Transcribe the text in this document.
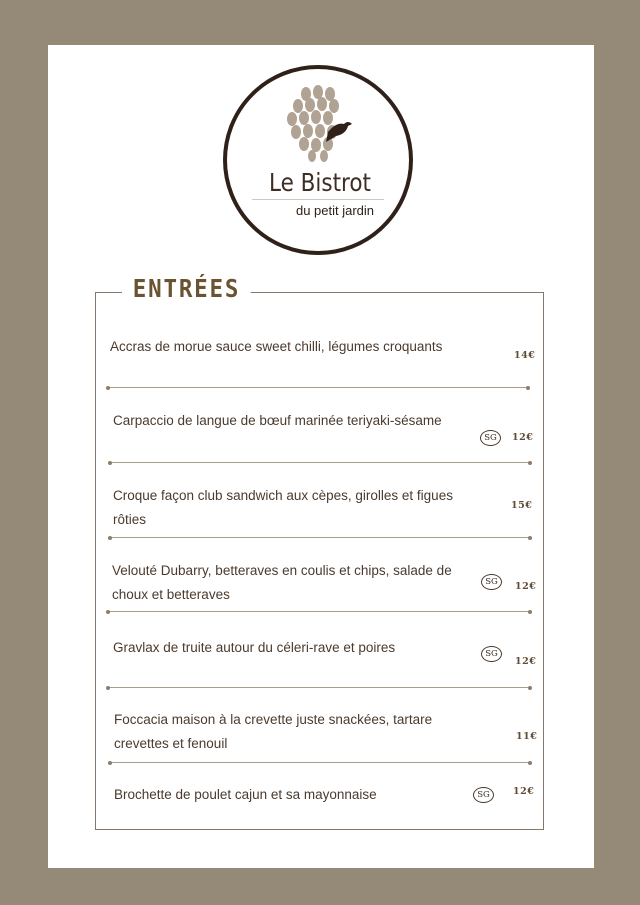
Le Bistrot
du petit jardin
ENTRÉES
Accras de morue sauce sweet chilli, légumes croquants
14€
Carpaccio de langue de bœuf marinée teriyaki-sésame
SG	12€
Croque façon club sandwich aux cèpes, girolles et figues rôties
15€
Velouté Dubarry, betteraves en coulis et chips, salade de choux et betteraves
SG	12€
Gravlax de truite autour du céleri-rave et poires	SG
12€
Foccacia maison à la crevette juste snackées, tartare crevettes et fenouil	11€
Brochette de poulet cajun et sa mayonnaise	SG	12€
